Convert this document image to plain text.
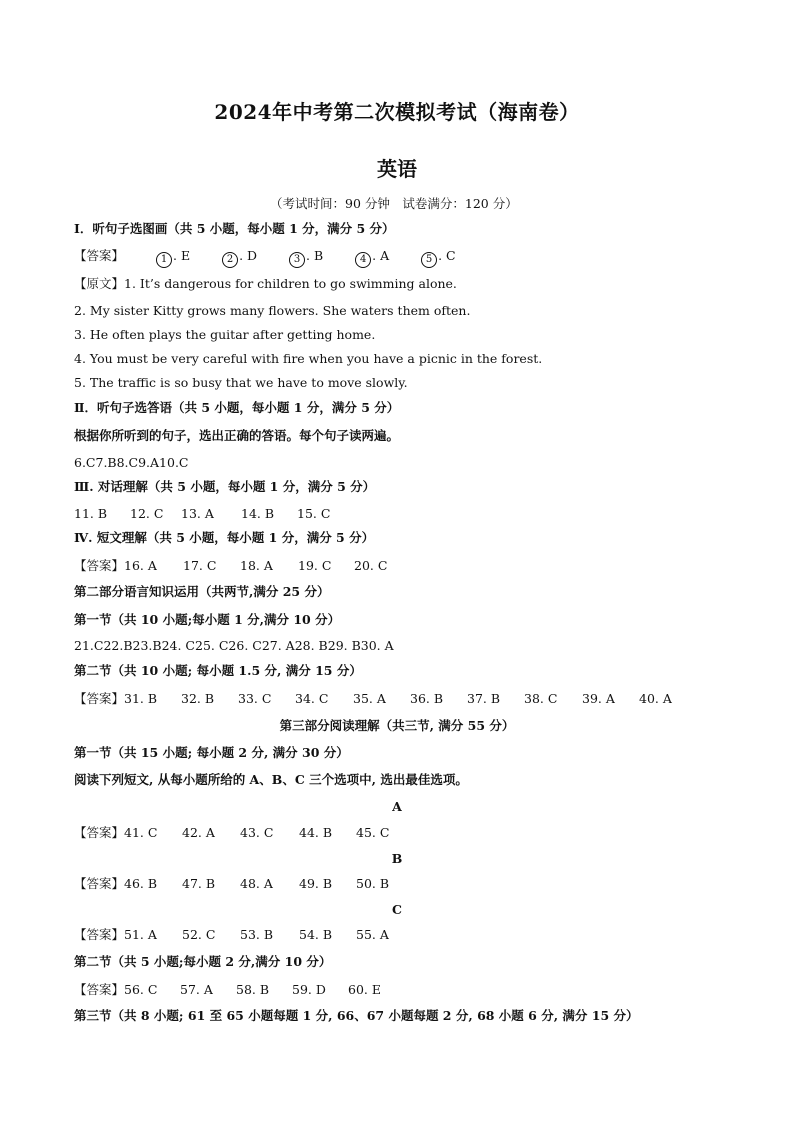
2024年中考第二次模拟考试（海南卷）
英语
（考试时间：90 分钟　试卷满分：120 分）
Ⅰ．听句子选图画（共 5 小题，每小题 1 分，满分 5 分）
【答案】	1 . E	2 . D	3 . B	4 . A	5 . C
【原文】1. It’s dangerous for children to go swimming alone.
2. My sister Kitty grows many flowers. She waters them often.
3. He often plays the guitar after getting home.
4. You must be very careful with fire when you have a picnic in the forest.
5. The traffic is so busy that we have to move slowly.
Ⅱ．听句子选答语（共 5 小题，每小题 1 分，满分 5 分）
根据你所听到的句子，选出正确的答语。每个句子读两遍。
6.C7.B8.C9.A10.C
Ⅲ. 对话理解（共 5 小题，每小题 1 分，满分 5 分）
11. B 12. C 13. A 14. B 15. C
Ⅳ. 短文理解（共 5 小题，每小题 1 分，满分 5 分）
【答案】16. A 17. C 18. A 19. C 20. C
第二部分语言知识运用（共两节,满分 25 分）
第一节（共 10 小题;每小题 1 分,满分 10 分）
21.C22.B23.B24. C25. C26. C27. A28. B29. B30. A
第二节（共 10 小题; 每小题 1.5 分, 满分 15 分）
【答案】31. B 32. B 33. C 34. C 35. A 36. B 37. B 38. C 39. A 40. A
第三部分阅读理解（共三节, 满分 55 分）
第一节（共 15 小题; 每小题 2 分, 满分 30 分）
阅读下列短文, 从每小题所给的 A、B、C 三个选项中, 选出最佳选项。
A
【答案】41. C 42. A 43. C 44. B 45. C
B
【答案】46. B 47. B 48. A 49. B 50. B
C
【答案】51. A 52. C 53. B 54. B 55. A
第二节（共 5 小题;每小题 2 分,满分 10 分）
【答案】56. C 57. A 58. B 59. D 60. E
第三节（共 8 小题; 61 至 65 小题每题 1 分, 66、67 小题每题 2 分, 68 小题 6 分, 满分 15 分）
